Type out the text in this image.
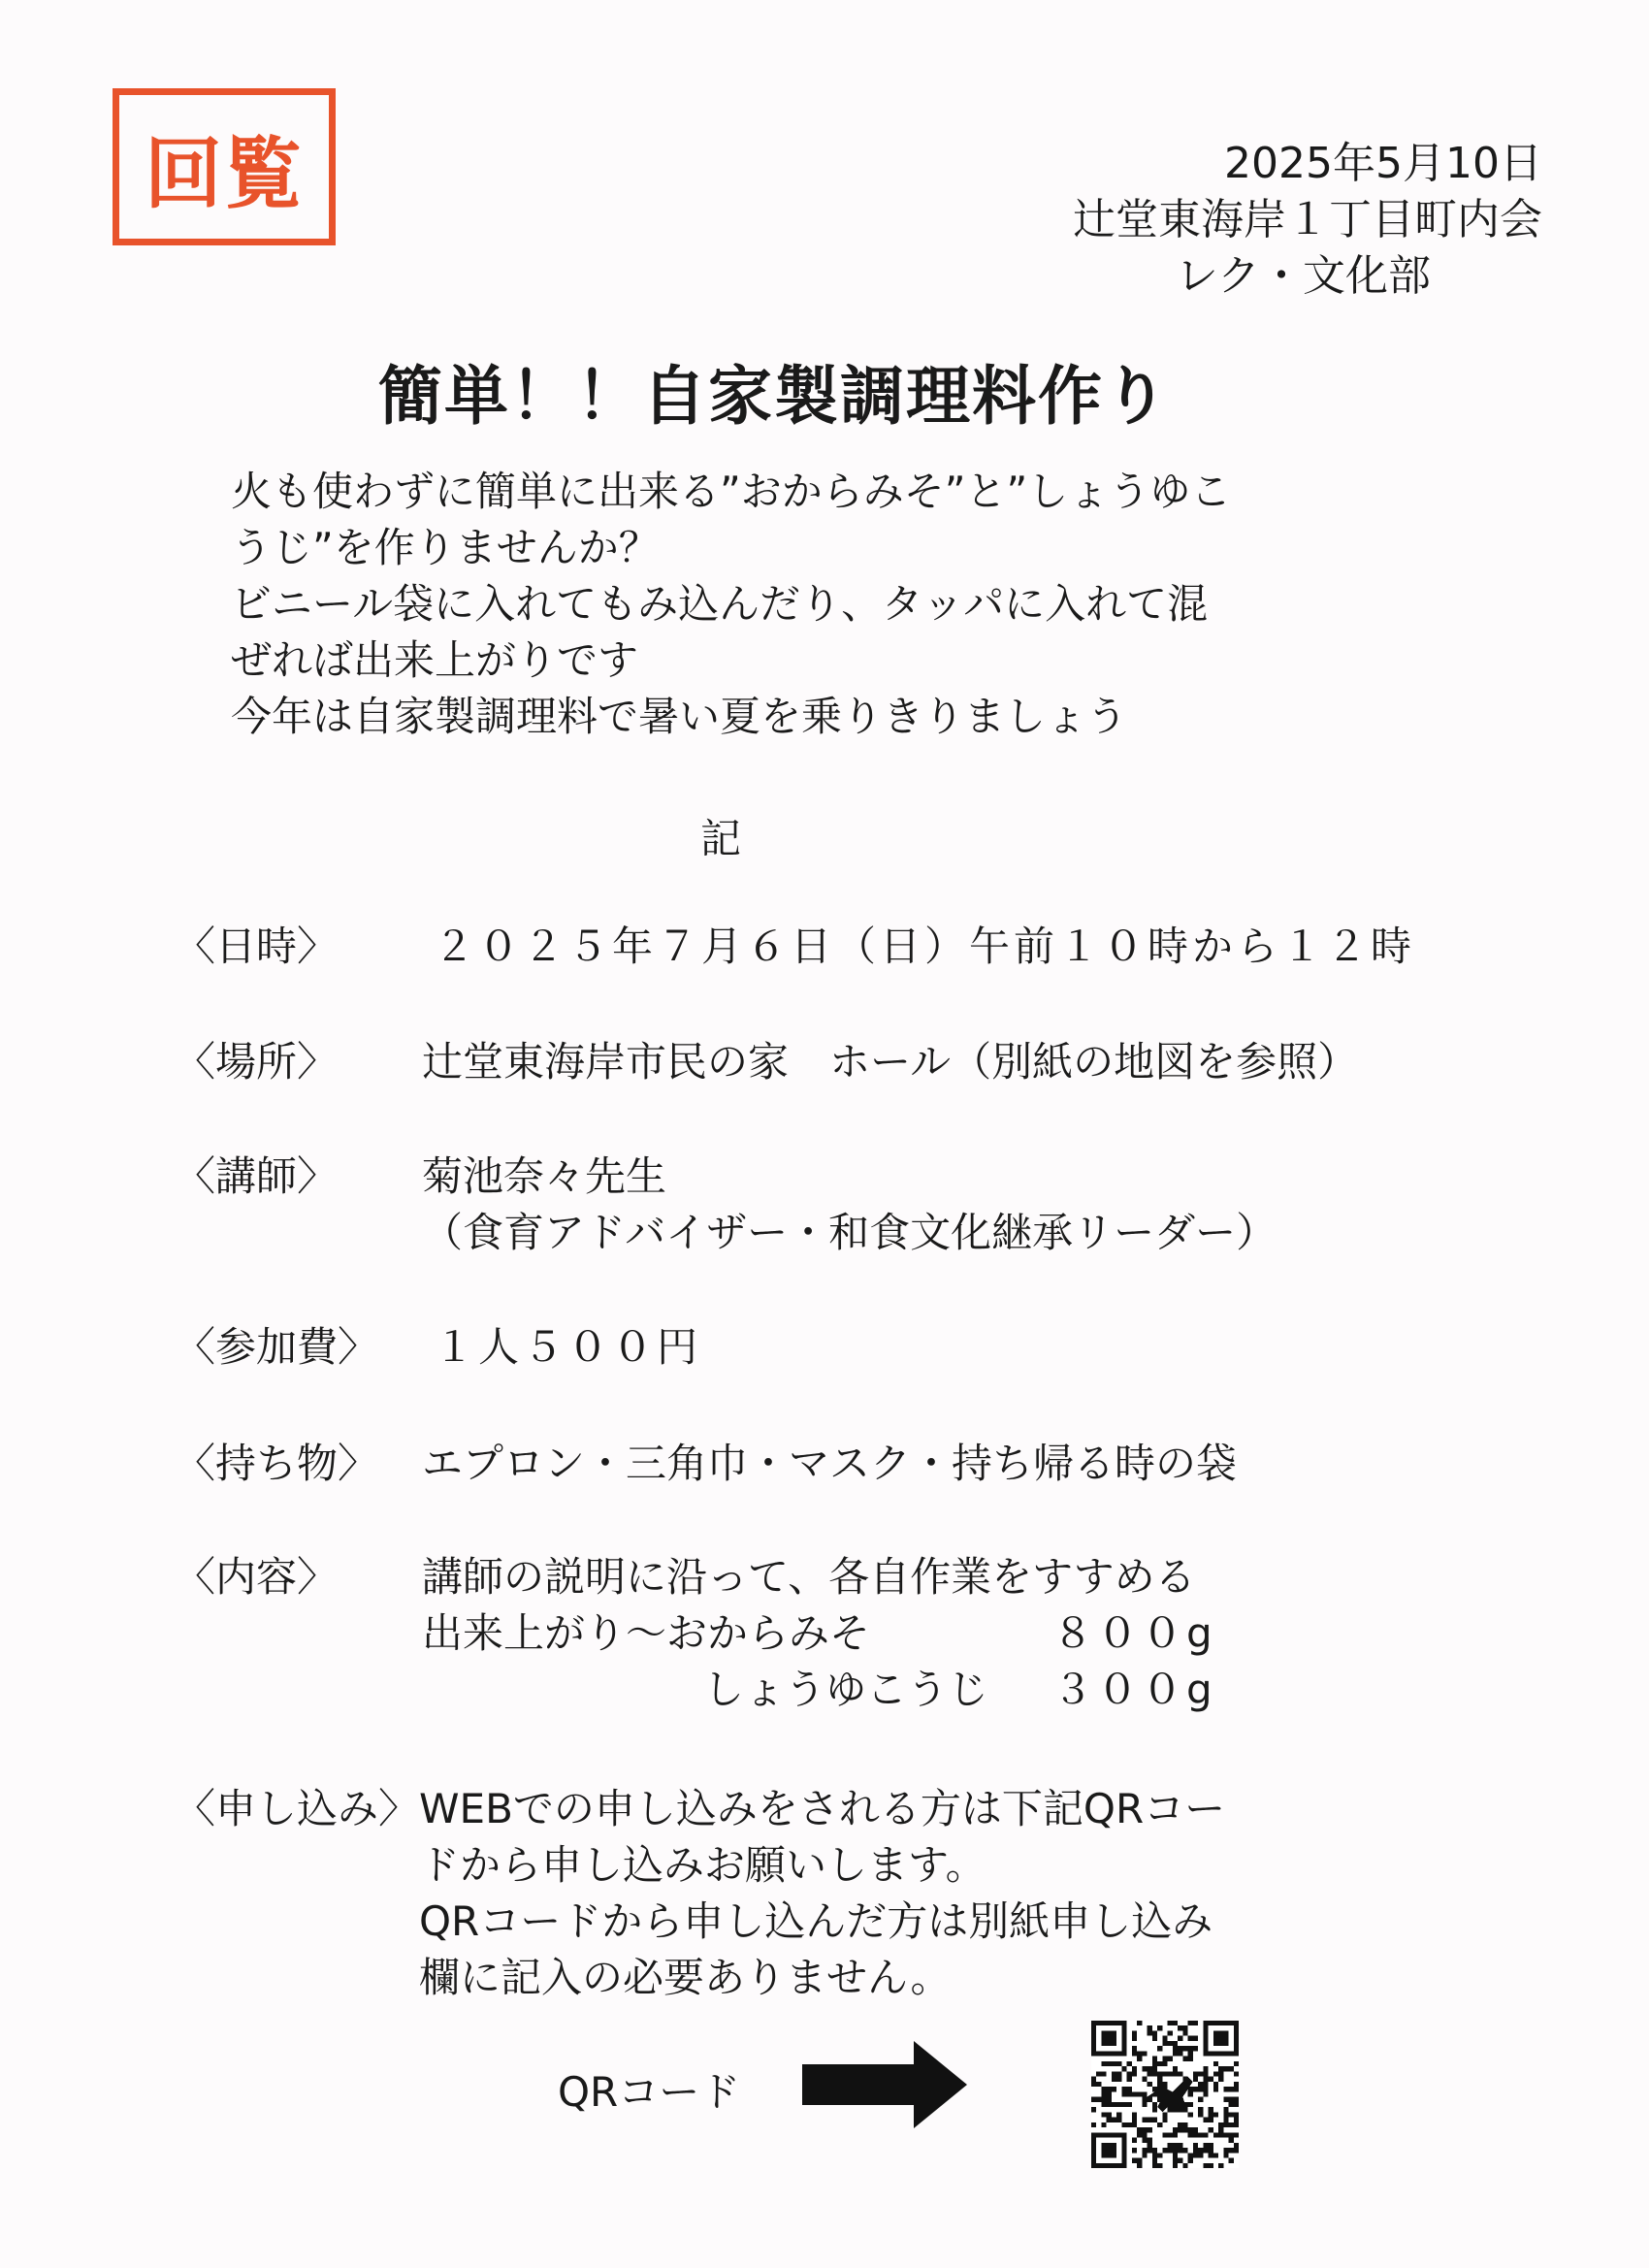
回覧	2025年5月10日
辻堂東海岸１丁目町内会
レク・文化部
簡単！！自家製調理料作り
火も使わずに簡単に出来る”おからみそ”と”しょうゆこ
うじ”を作りませんか？
ビニール袋に入れてもみ込んだり、タッパに入れて混
ぜれば出来上がりです
今年は自家製調理料で暑い夏を乗りきりましょう
記
〈日時〉	２０２５年７月６日（日）午前１０時から１２時
〈場所〉	辻堂東海岸市民の家　ホール（別紙の地図を参照）
〈講師〉	菊池奈々先生
（食育アドバイザー・和食文化継承リーダー）
〈参加費〉	１人５００円
〈持ち物〉	エプロン・三角巾・マスク・持ち帰る時の袋
〈内容〉	講師の説明に沿って、各自作業をすすめる
出来上がり～おからみそ	８００g
しょうゆこうじ	３００g
〈申し込み〉 WEBでの申し込みをされる方は下記QRコー
ドから申し込みお願いします。
QRコードから申し込んだ方は別紙申し込み
欄に記入の必要ありません。
QRコード
